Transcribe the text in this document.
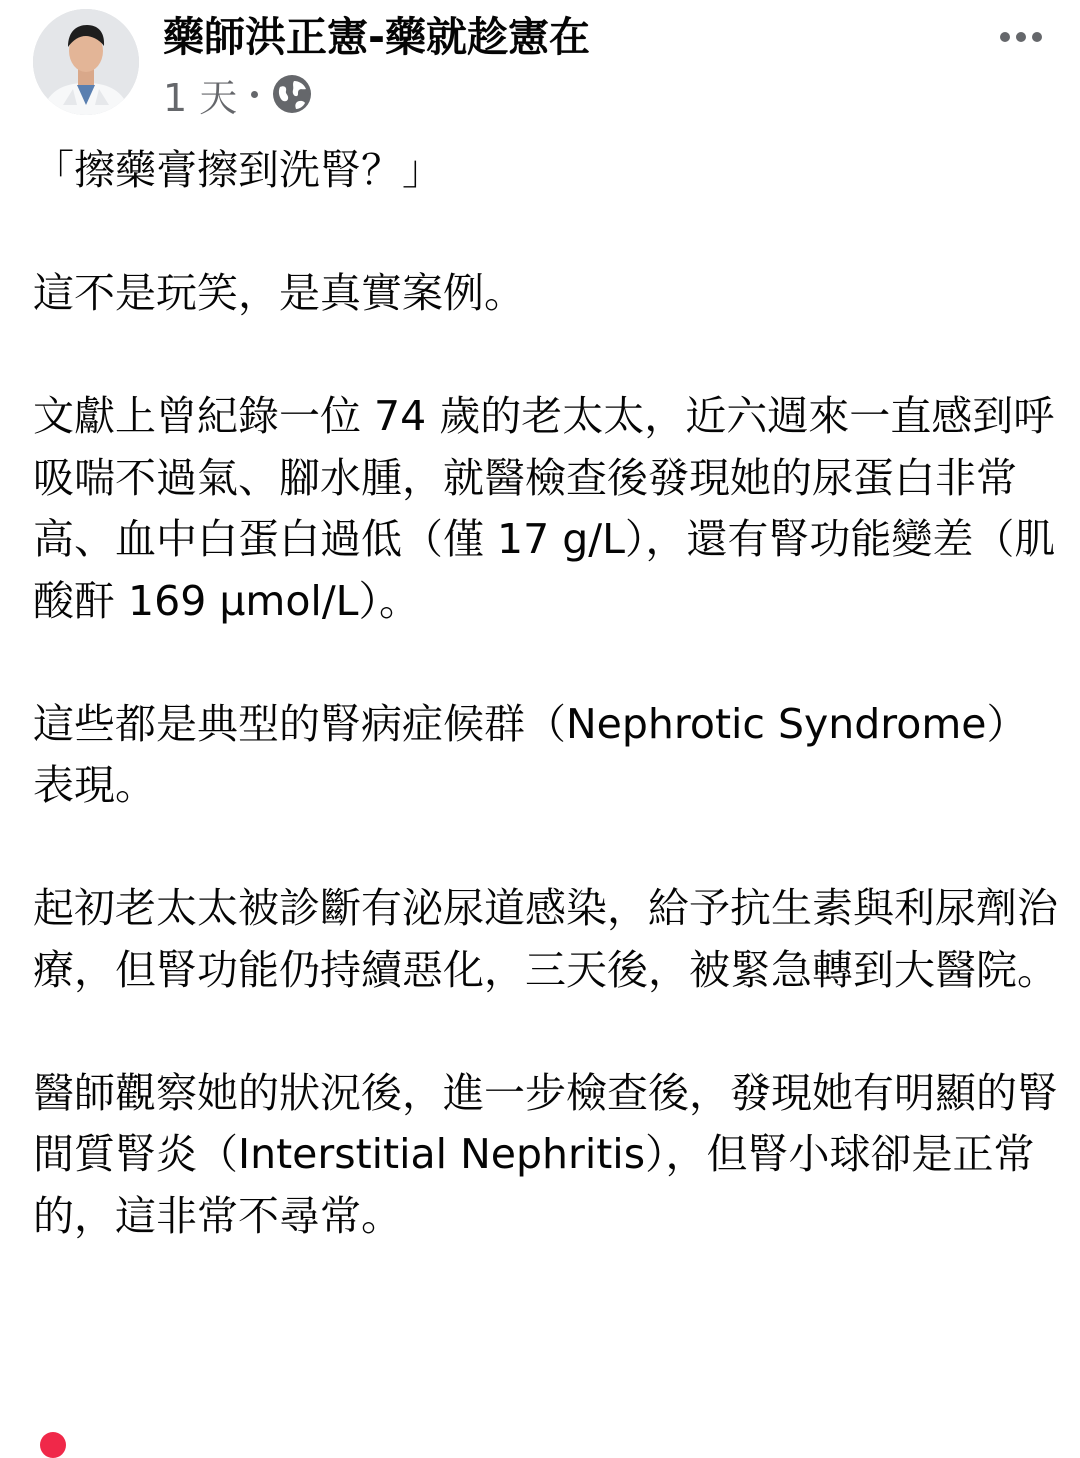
藥師洪正憲-藥就趁憲在
1 天

「擦藥膏擦到洗腎？」

這不是玩笑，是真實案例。

文獻上曾紀錄一位 74 歲的老太太，近六週來一直感到呼吸喘不過氣、腳水腫，就醫檢查後發現她的尿蛋白非常高、血中白蛋白過低（僅 17 g/L），還有腎功能變差（肌酸酐 169 μmol/L）。

這些都是典型的腎病症候群（Nephrotic Syndrome）表現。

起初老太太被診斷有泌尿道感染，給予抗生素與利尿劑治療，但腎功能仍持續惡化，三天後，被緊急轉到大醫院。

醫師觀察她的狀況後，進一步檢查後，發現她有明顯的腎間質腎炎（Interstitial Nephritis），但腎小球卻是正常的，這非常不尋常。
